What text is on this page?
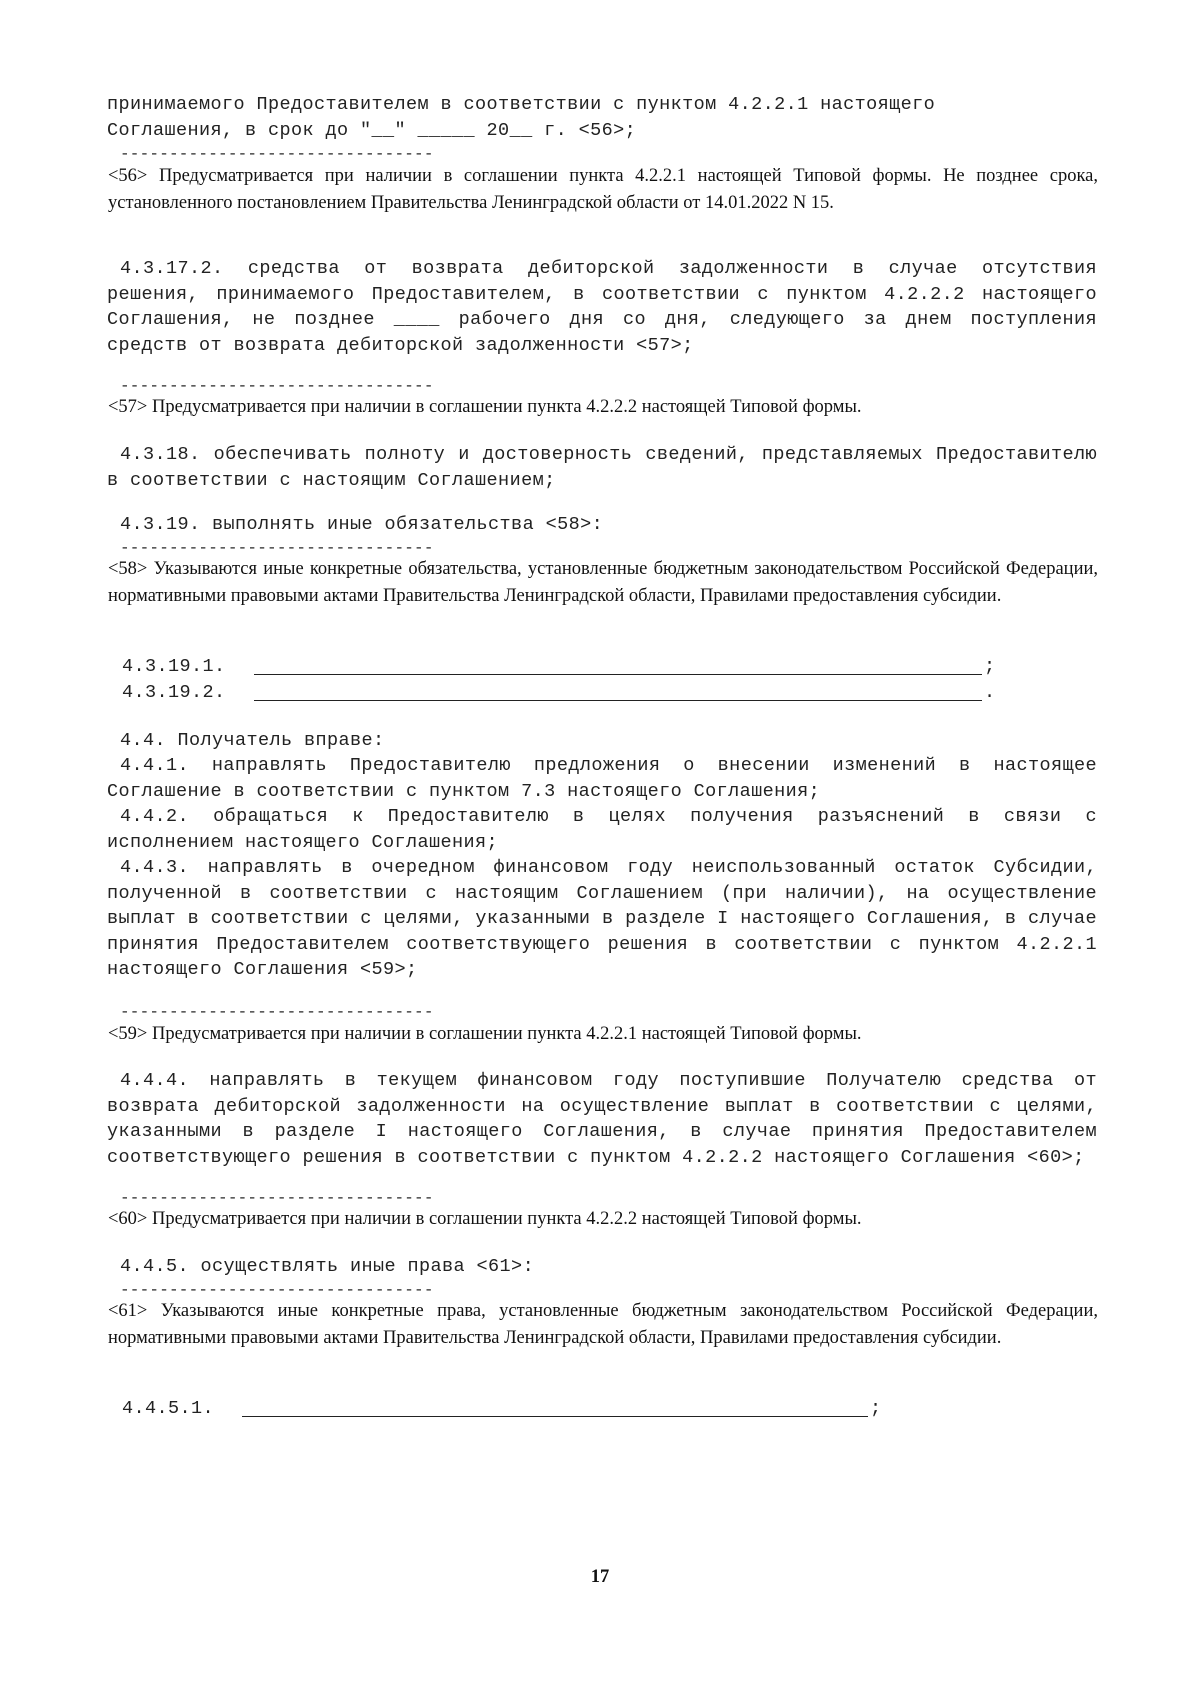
принимаемого Предоставителем в соответствии с пунктом 4.2.2.1 настоящего
Соглашения, в срок до "__" _____ 20__ г. <56>;
--------------------------------
<56> Предусматривается при наличии в соглашении пункта 4.2.2.1 настоящей Типовой формы. Не позднее срока, установленного постановлением Правительства Ленинградской области от 14.01.2022 N 15.
4.3.17.2. средства от возврата дебиторской задолженности в случае отсутствия решения, принимаемого Предоставителем, в соответствии с пунктом 4.2.2.2 настоящего Соглашения, не позднее ____ рабочего дня со дня, следующего за днем поступления средств от возврата дебиторской задолженности <57>;
--------------------------------
<57> Предусматривается при наличии в соглашении пункта 4.2.2.2 настоящей Типовой формы.
4.3.18. обеспечивать полноту и достоверность сведений, представляемых Предоставителю в соответствии с настоящим Соглашением;
4.3.19. выполнять иные обязательства <58>:
--------------------------------
<58> Указываются иные конкретные обязательства, установленные бюджетным законодательством Российской Федерации, нормативными правовыми актами Правительства Ленинградской области, Правилами предоставления субсидии.
4.3.19.1.	;
4.3.19.2.	.
4.4. Получатель вправе:
4.4.1. направлять Предоставителю предложения о внесении изменений в настоящее Соглашение в соответствии с пунктом 7.3 настоящего Соглашения;
4.4.2. обращаться к Предоставителю в целях получения разъяснений в связи с исполнением настоящего Соглашения;
4.4.3. направлять в очередном финансовом году неиспользованный остаток Субсидии, полученной в соответствии с настоящим Соглашением (при наличии), на осуществление выплат в соответствии с целями, указанными в разделе I настоящего Соглашения, в случае принятия Предоставителем соответствующего решения в соответствии с пунктом 4.2.2.1 настоящего Соглашения <59>;
--------------------------------
<59> Предусматривается при наличии в соглашении пункта 4.2.2.1 настоящей Типовой формы.
4.4.4. направлять в текущем финансовом году поступившие Получателю средства от возврата дебиторской задолженности на осуществление выплат в соответствии с целями, указанными в разделе I настоящего Соглашения, в случае принятия Предоставителем соответствующего решения в соответствии с пунктом 4.2.2.2 настоящего Соглашения <60>;
--------------------------------
<60> Предусматривается при наличии в соглашении пункта 4.2.2.2 настоящей Типовой формы.
4.4.5. осуществлять иные права <61>:
--------------------------------
<61> Указываются иные конкретные права, установленные бюджетным законодательством Российской Федерации, нормативными правовыми актами Правительства Ленинградской области, Правилами предоставления субсидии.
4.4.5.1.	;
17
